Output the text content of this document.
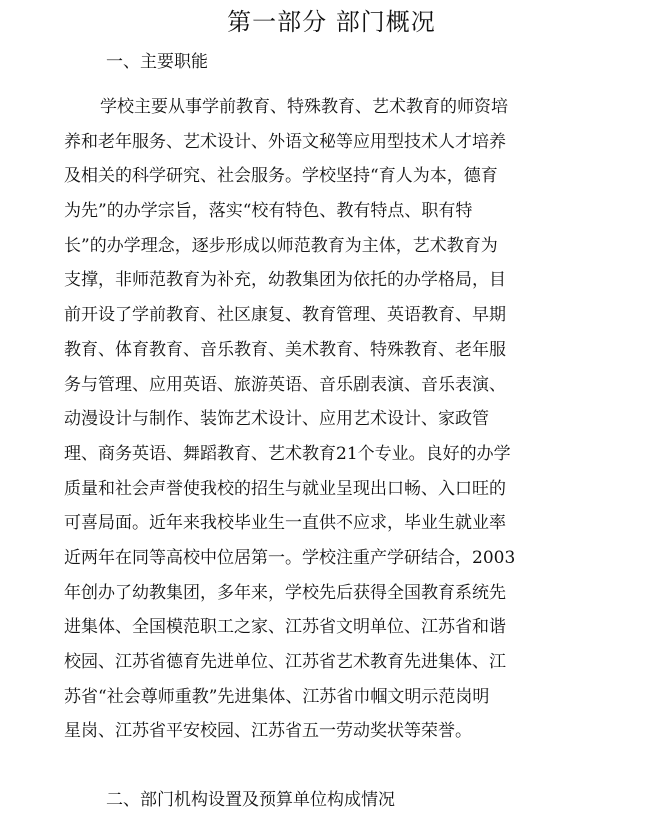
第一部分 部门概况
一、主要职能
学校主要从事学前教育、特殊教育、艺术教育的师资培
养和老年服务、艺术设计、外语文秘等应用型技术人才培养
及相关的科学研究、社会服务。学校坚持“育人为本，德育
为先”的办学宗旨，落实“校有特色、教有特点、职有特
长”的办学理念，逐步形成以师范教育为主体，艺术教育为
支撑，非师范教育为补充，幼教集团为依托的办学格局，目
前开设了学前教育、社区康复、教育管理、英语教育、早期
教育、体育教育、音乐教育、美术教育、特殊教育、老年服
务与管理、应用英语、旅游英语、音乐剧表演、音乐表演、
动漫设计与制作、装饰艺术设计、应用艺术设计、家政管
理、商务英语、舞蹈教育、艺术教育21个专业。良好的办学
质量和社会声誉使我校的招生与就业呈现出口畅、入口旺的
可喜局面。近年来我校毕业生一直供不应求，毕业生就业率
近两年在同等高校中位居第一。学校注重产学研结合，2003
年创办了幼教集团，多年来，学校先后获得全国教育系统先
进集体、全国模范职工之家、江苏省文明单位、江苏省和谐
校园、江苏省德育先进单位、江苏省艺术教育先进集体、江
苏省“社会尊师重教”先进集体、江苏省巾帼文明示范岗明
星岗、江苏省平安校园、江苏省五一劳动奖状等荣誉。
二、部门机构设置及预算单位构成情况
